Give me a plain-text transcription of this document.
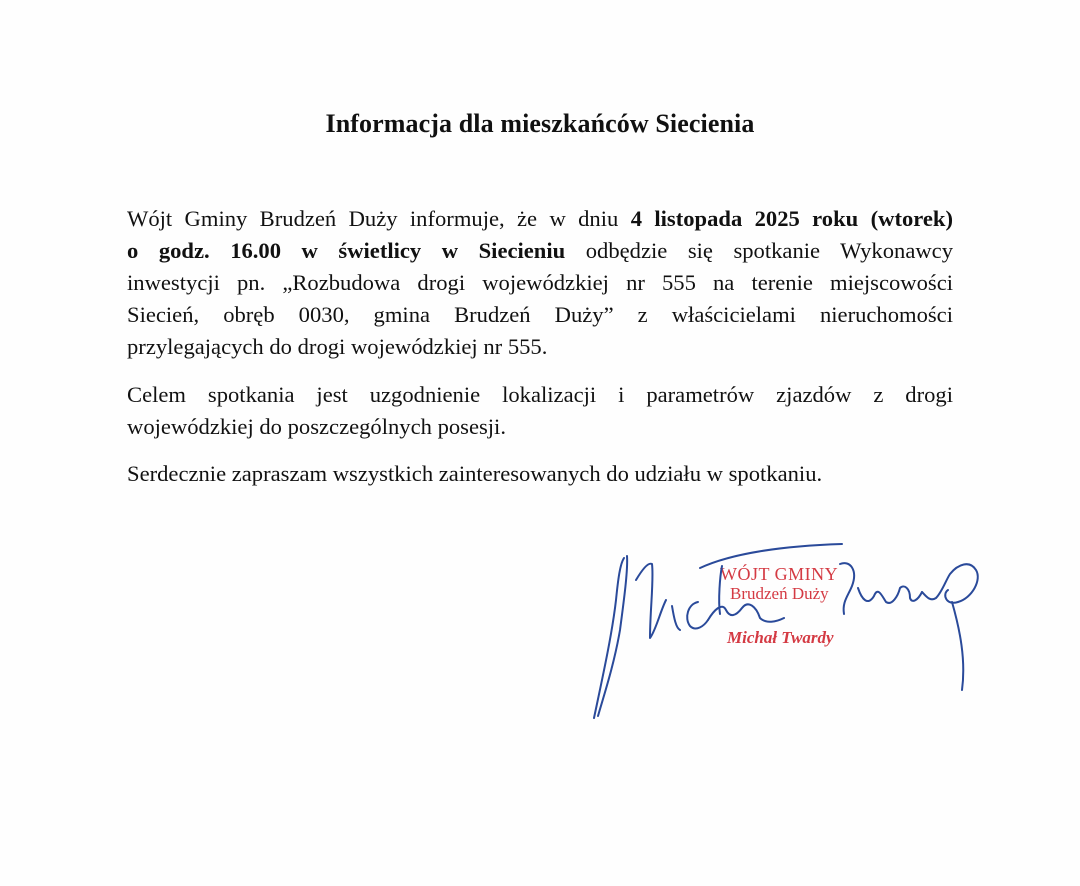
Informacja dla mieszkańców Siecienia
Wójt Gminy Brudzeń Duży informuje, że w dniu 4 listopada 2025 roku (wtorek)
o godz. 16.00 w świetlicy w Siecieniu odbędzie się spotkanie Wykonawcy
inwestycji pn. „Rozbudowa drogi wojewódzkiej nr 555 na terenie miejscowości
Siecień, obręb 0030, gmina Brudzeń Duży” z właścicielami nieruchomości
przylegających do drogi wojewódzkiej nr 555.
Celem spotkania jest uzgodnienie lokalizacji i parametrów zjazdów z drogi
wojewódzkiej do poszczególnych posesji.
Serdecznie zapraszam wszystkich zainteresowanych do udziału w spotkaniu.
WÓJT GMINY
Brudzeń Duży
Michał Twardy
